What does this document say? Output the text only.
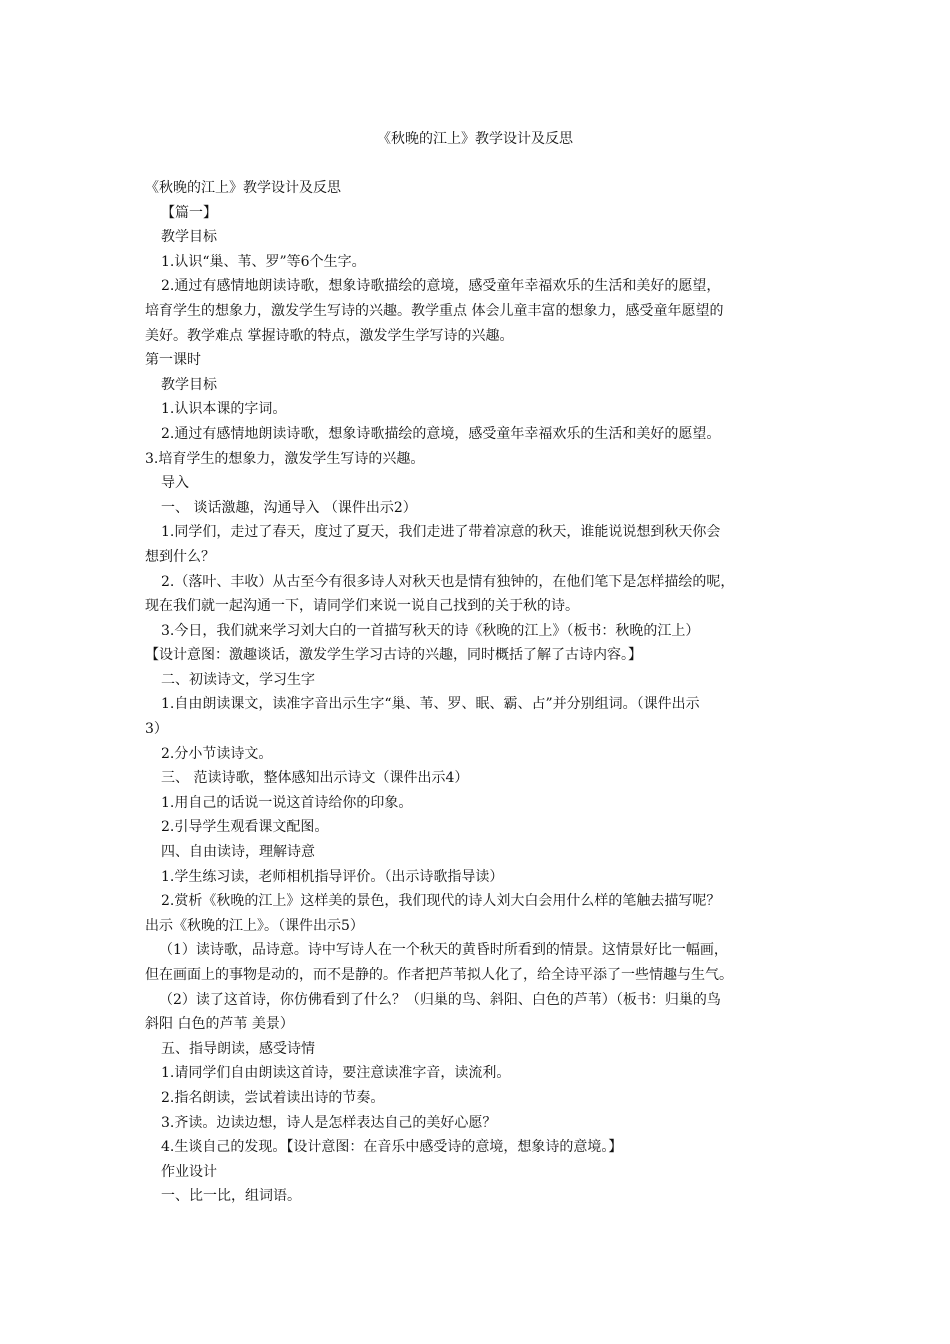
《秋晚的江上》教学设计及反思

《秋晚的江上》教学设计及反思

【篇一】

教学目标

1.认识“巢、苇、罗”等6个生字。

2.通过有感情地朗读诗歌，想象诗歌描绘的意境，感受童年幸福欢乐的生活和美好的愿望，

培育学生的想象力，激发学生写诗的兴趣。教学重点 体会儿童丰富的想象力，感受童年愿望的

美好。教学难点 掌握诗歌的特点，激发学生学写诗的兴趣。

第一课时

教学目标

1.认识本课的字词。

2.通过有感情地朗读诗歌，想象诗歌描绘的意境，感受童年幸福欢乐的生活和美好的愿望。

3.培育学生的想象力，激发学生写诗的兴趣。

导入

一、 谈话激趣，沟通导入 （课件出示2）

1.同学们，走过了春天，度过了夏天，我们走进了带着凉意的秋天，谁能说说想到秋天你会

想到什么？

2.（落叶、丰收）从古至今有很多诗人对秋天也是情有独钟的，在他们笔下是怎样描绘的呢，

现在我们就一起沟通一下，请同学们来说一说自己找到的关于秋的诗。

3.今日，我们就来学习刘大白的一首描写秋天的诗《秋晚的江上》（板书：秋晚的江上）

【设计意图：激趣谈话，激发学生学习古诗的兴趣，同时概括了解了古诗内容。】

二、初读诗文，学习生字

1.自由朗读课文，读准字音出示生字“巢、苇、罗、眠、霸、占”并分别组词。（课件出示

3）

2.分小节读诗文。

三、 范读诗歌，整体感知出示诗文（课件出示4）

1.用自己的话说一说这首诗给你的印象。

2.引导学生观看课文配图。

四、自由读诗，理解诗意

1.学生练习读，老师相机指导评价。（出示诗歌指导读）

2.赏析《秋晚的江上》这样美的景色，我们现代的诗人刘大白会用什么样的笔触去描写呢？

出示《秋晚的江上》。（课件出示5）

（1）读诗歌，品诗意。诗中写诗人在一个秋天的黄昏时所看到的情景。这情景好比一幅画，

但在画面上的事物是动的，而不是静的。作者把芦苇拟人化了，给全诗平添了一些情趣与生气。

（2）读了这首诗，你仿佛看到了什么？（归巢的鸟、斜阳、白色的芦苇）（板书：归巢的鸟

斜阳 白色的芦苇 美景）

五、指导朗读，感受诗情

1.请同学们自由朗读这首诗，要注意读准字音，读流利。

2.指名朗读，尝试着读出诗的节奏。

3.齐读。边读边想，诗人是怎样表达自己的美好心愿？

4.生谈自己的发现。【设计意图：在音乐中感受诗的意境，想象诗的意境。】

作业设计

一、比一比，组词语。
